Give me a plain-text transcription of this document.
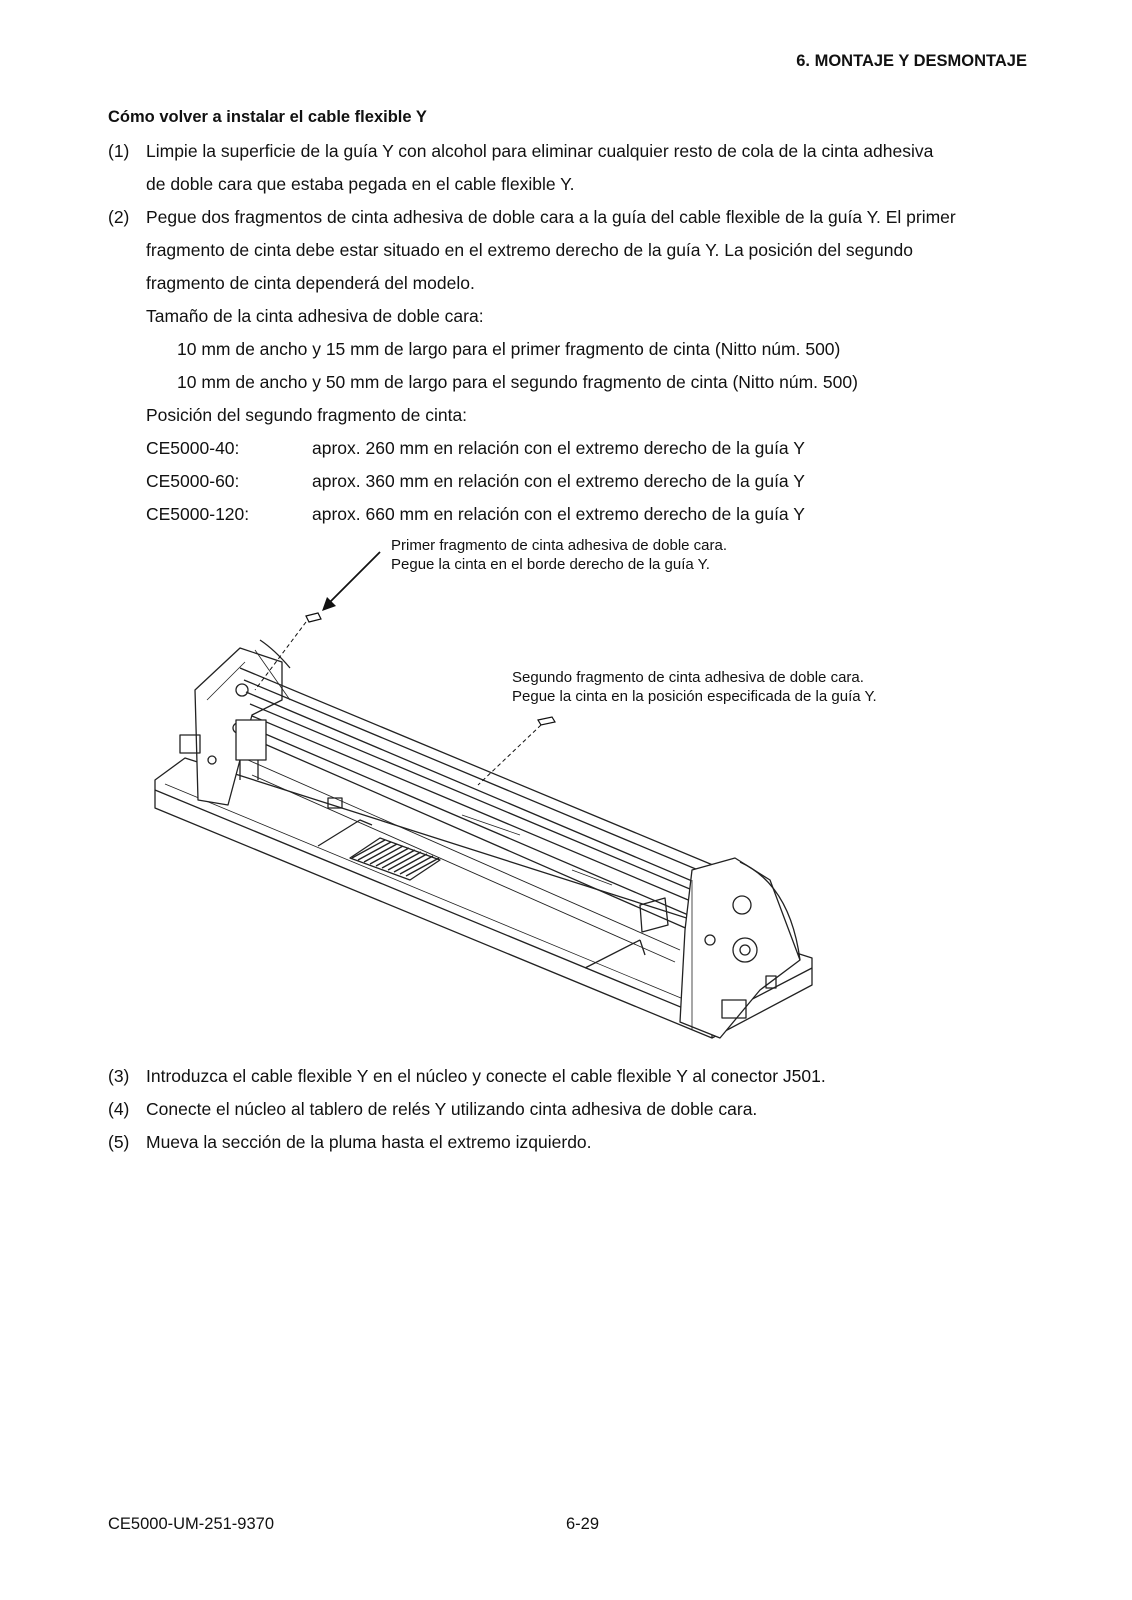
6. MONTAJE Y DESMONTAJE
Cómo volver a instalar el cable flexible Y
(1) Limpie la superficie de la guía Y con alcohol para eliminar cualquier resto de cola de la cinta adhesiva
de doble cara que estaba pegada en el cable flexible Y.
(2) Pegue dos fragmentos de cinta adhesiva de doble cara a la guía del cable flexible de la guía Y. El primer
fragmento de cinta debe estar situado en el extremo derecho de la guía Y. La posición del segundo
fragmento de cinta dependerá del modelo.
Tamaño de la cinta adhesiva de doble cara:
10 mm de ancho y 15 mm de largo para el primer fragmento de cinta (Nitto núm. 500)
10 mm de ancho y 50 mm de largo para el segundo fragmento de cinta (Nitto núm. 500)
Posición del segundo fragmento de cinta:
CE5000-40:	aprox. 260 mm en relación con el extremo derecho de la guía Y
CE5000-60:	aprox. 360 mm en relación con el extremo derecho de la guía Y
CE5000-120:	aprox. 660 mm en relación con el extremo derecho de la guía Y
Primer fragmento de cinta adhesiva de doble cara.
Pegue la cinta en el borde derecho de la guía Y.
Segundo fragmento de cinta adhesiva de doble cara.
Pegue la cinta en la posición especificada de la guía Y.
(3) Introduzca el cable flexible Y en el núcleo y conecte el cable flexible Y al conector J501.
(4) Conecte el núcleo al tablero de relés Y utilizando cinta adhesiva de doble cara.
(5) Mueva la sección de la pluma hasta el extremo izquierdo.
CE5000-UM-251-9370	6-29
